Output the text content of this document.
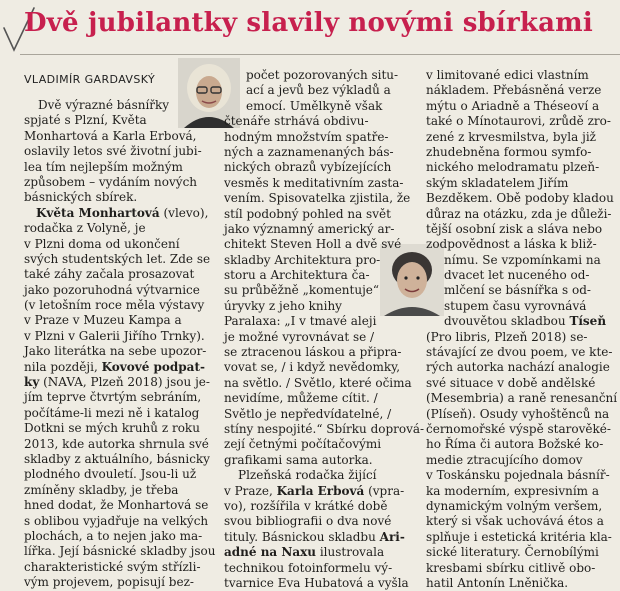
Dvě jubilantky slavily novými sbírkami
VLADIMÍR GARDAVSKÝ
Dvě výrazné básnířky
spjaté s Plzní, Květa
Monhartová a Karla Erbová,
oslavily letos své životní jubi-
lea tím nejlepším možným
způsobem – vydáním nových
básnických sbírek.
Květa Monhartová (vlevo),
rodačka z Volyně, je
v Plzni doma od ukončení
svých studentských let. Zde se
také záhy začala prosazovat
jako pozoruhodná výtvarnice
(v letošním roce měla výstavy
v Praze v Muzeu Kampa a
v Plzni v Galerii Jiřího Trnky).
Jako literátka na sebe upozor-
nila později, Kovové podpat-
ky (NAVA, Plzeň 2018) jsou je-
jím teprve čtvrtým sebráním,
počítáme-li mezi ně i katalog
Dotkni se mých kruhů z roku
2013, kde autorka shrnula své
skladby z aktuálního, básnicky
plodného dvouletí. Jsou-li už
zmíněny skladby, je třeba
hned dodat, že Monhartová se
s oblibou vyjadřuje na velkých
plochách, a to nejen jako ma-
lířka. Její básnické skladby jsou
charakteristické svým střízli-
vým projevem, popisují bez-
počet pozorovaných situ-
ací a jevů bez výkladů a
emocí. Umělkyně však
čtenáře strhává obdivu-
hodným množstvím spatře-
ných a zaznamenaných bás-
nických obrazů vybízejících
vesměs k meditativním zasta-
vením. Spisovatelka zjistila, že
stíl podobný pohled na svět
jako významný americký ar-
chitekt Steven Holl a dvě své
skladby Architektura pro-
storu a Architektura ča-
su průběžně „komentuje“
úryvky z jeho knihy
Paralaxa: „I v tmavé aleji
je možné vyrovnávat se /
se ztracenou láskou a připra-
vovat se, / i když nevědomky,
na světlo. / Světlo, které očima
nevidíme, můžeme cítit. /
Světlo je nepředvídatelné, /
stíny nespojité.“ Sbírku doprová-
zejí četnými počítačovými
grafikami sama autorka.
Plzeňská rodačka žijící
v Praze, Karla Erbová (vpra-
vo), rozšířila v krátké době
svou bibliografii o dva nové
tituly. Básnickou skladbu Ari-
adné na Naxu ilustrovala
technikou fotoinformelu vý-
tvarnice Eva Hubatová a vyšla
v limitované edici vlastním
nákladem. Přebásněná verze
mýtu o Ariadně a Théseoví a
také o Mínotaurovi, zrůdě zro-
zené z krvesmilstva, byla již
zhudebněna formou symfo-
nického melodramatu plzeň-
ským skladatelem Jiřím
Bezděkem. Obě podoby kladou
důraz na otázku, zda je důleži-
tější osobní zisk a sláva nebo
zodpovědnost a láska k bliž-
nímu. Se vzpomínkami na
dvacet let nuceného od-
mlčení se básnířka s od-
stupem času vyrovnává
dvouvětou skladbou Tíseň
(Pro libris, Plzeň 2018) se-
stávající ze dvou poem, ve kte-
rých autorka nachází analogie
své situace v době andělské
(Mesembria) a raně renesanční
(Plíseň). Osudy vyhoštěnců na
černomořské výspě starověké-
ho Říma či autora Božské ko-
medie ztracujícího domov
v Toskánsku pojednala básníř-
ka moderním, expresivním a
dynamickým volným veršem,
který si však uchovává étos a
splňuje i estetická kritéria kla-
sické literatury. Černobílými
kresbami sbírku citlivě obo-
hatil Antonín Lněnička.
